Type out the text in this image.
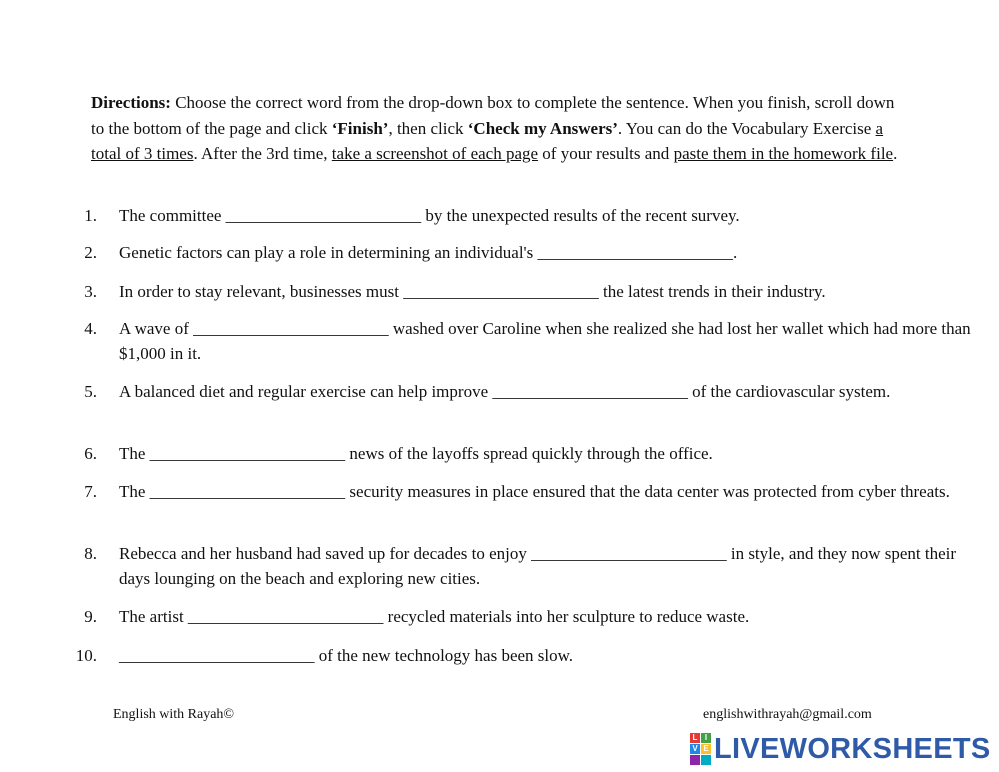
Directions: Choose the correct word from the drop-down box to complete the sentence. When you finish, scroll down to the bottom of the page and click ‘Finish’, then click ‘Check my Answers’. You can do the Vocabulary Exercise a total of 3 times. After the 3rd time, take a screenshot of each page of your results and paste them in the homework file.
1. The committee _______________________ by the unexpected results of the recent survey.
2. Genetic factors can play a role in determining an individual's _______________________.
3. In order to stay relevant, businesses must _______________________ the latest trends in their industry.
4. A wave of _______________________ washed over Caroline when she realized she had lost her wallet which had more than $1,000 in it.
5. A balanced diet and regular exercise can help improve _______________________ of the cardiovascular system.
6. The _______________________ news of the layoffs spread quickly through the office.
7. The _______________________ security measures in place ensured that the data center was protected from cyber threats.
8. Rebecca and her husband had saved up for decades to enjoy _______________________ in style, and they now spent their days lounging on the beach and exploring new cities.
9. The artist _______________________ recycled materials into her sculpture to reduce waste.
10. _______________________ of the new technology has been slow.
English with Rayah©	englishwithrayah@gmail.com
L I
V E LIVEWORKSHEETS
